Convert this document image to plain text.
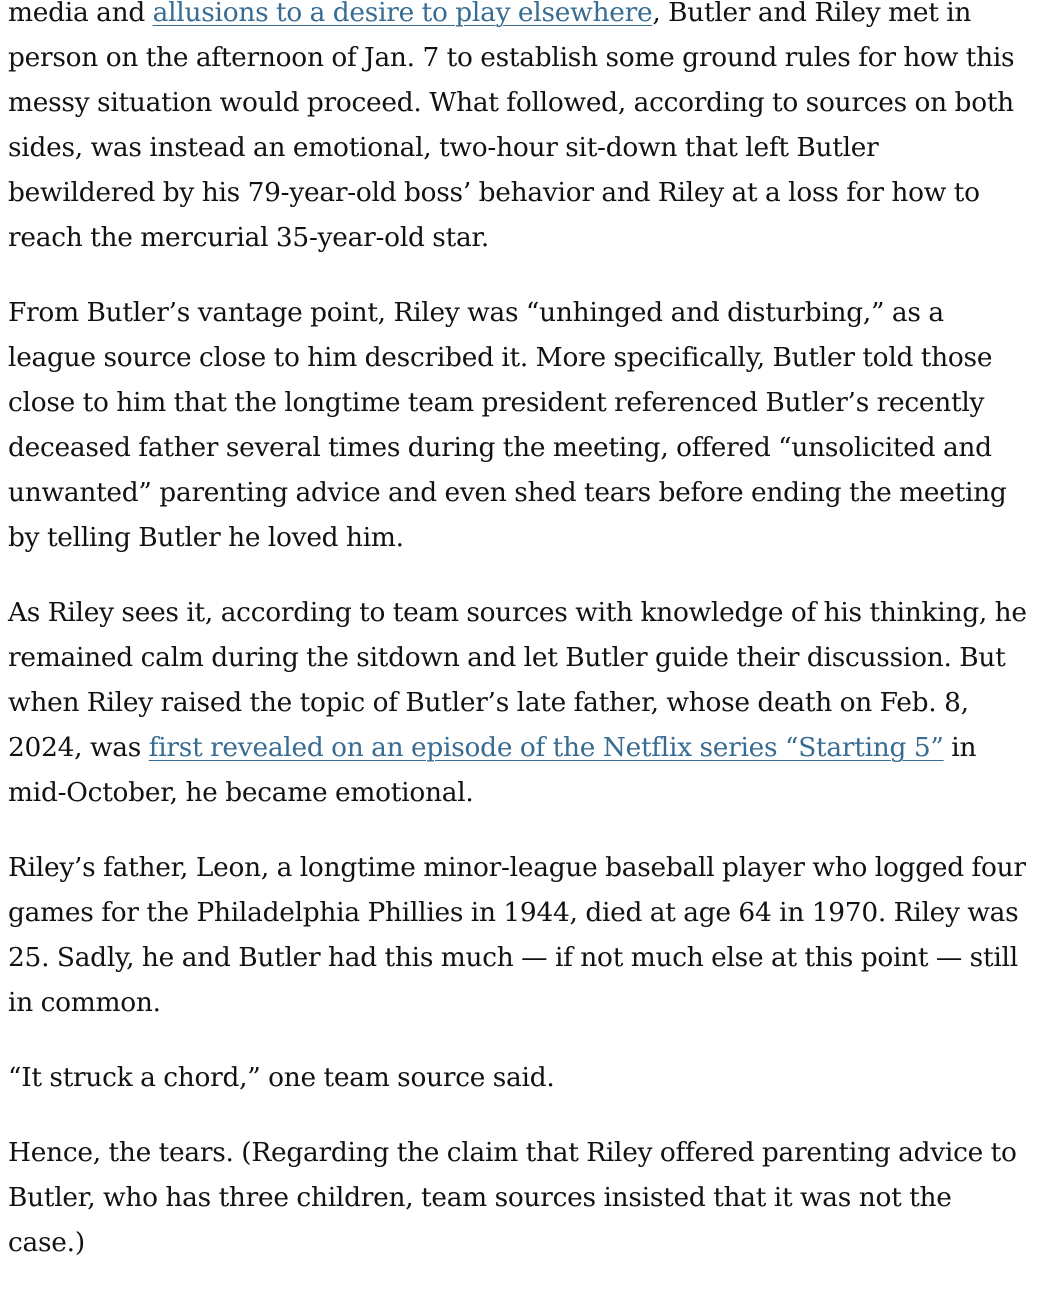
media and allusions to a desire to play elsewhere, Butler and Riley met in person on the afternoon of Jan. 7 to establish some ground rules for how this messy situation would proceed. What followed, according to sources on both sides, was instead an emotional, two-hour sit-down that left Butler bewildered by his 79-year-old boss’ behavior and Riley at a loss for how to reach the mercurial 35-year-old star.

From Butler’s vantage point, Riley was “unhinged and disturbing,” as a league source close to him described it. More specifically, Butler told those close to him that the longtime team president referenced Butler’s recently deceased father several times during the meeting, offered “unsolicited and unwanted” parenting advice and even shed tears before ending the meeting by telling Butler he loved him.

As Riley sees it, according to team sources with knowledge of his thinking, he remained calm during the sitdown and let Butler guide their discussion. But when Riley raised the topic of Butler’s late father, whose death on Feb. 8, 2024, was first revealed on an episode of the Netflix series “Starting 5” in mid-October, he became emotional.

Riley’s father, Leon, a longtime minor-league baseball player who logged four games for the Philadelphia Phillies in 1944, died at age 64 in 1970. Riley was 25. Sadly, he and Butler had this much — if not much else at this point — still in common.

“It struck a chord,” one team source said.

Hence, the tears. (Regarding the claim that Riley offered parenting advice to Butler, who has three children, team sources insisted that it was not the case.)
